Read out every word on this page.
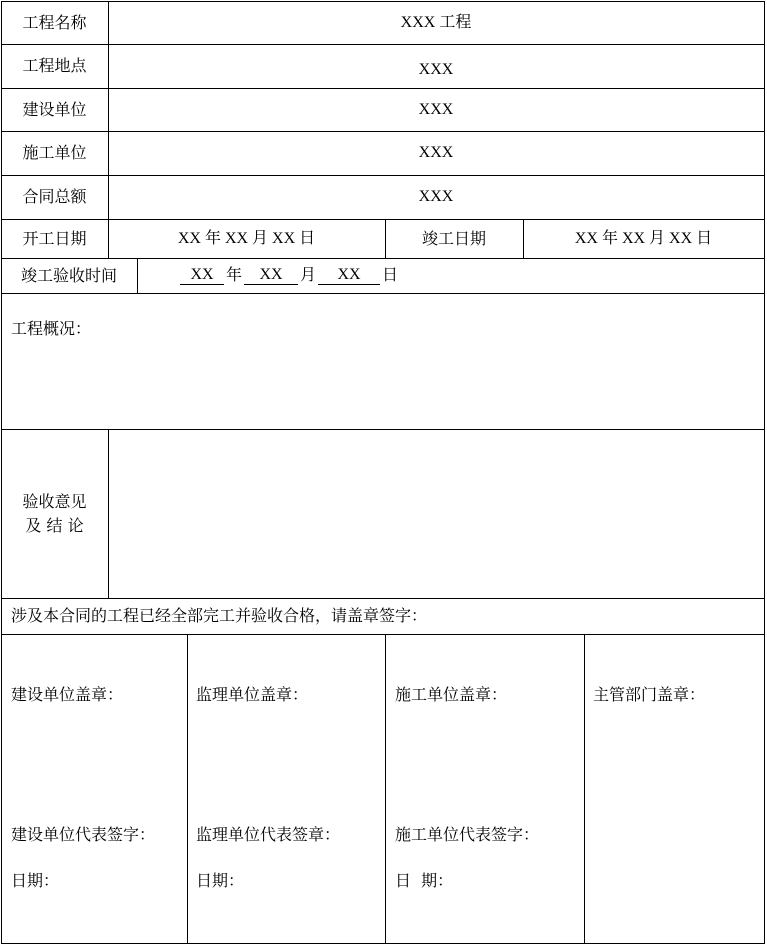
工程名称	XXX 工程
工程地点	XXX
建设单位	XXX
施工单位	XXX
合同总额	XXX
开工日期	XX 年 XX 月 XX 日	竣工日期	XX 年 XX 月 XX 日
竣工验收时间	XX 年	XX	月	XX	日
工程概况：
验收意见
及 结 论
涉及本合同的工程已经全部完工并验收合格，请盖章签字：
建设单位盖章：
建设单位代表签字：
日期：
监理单位盖章：
监理单位代表签章：
日期：
施工单位盖章：
施工单位代表签字：
日  期：
主管部门盖章：
